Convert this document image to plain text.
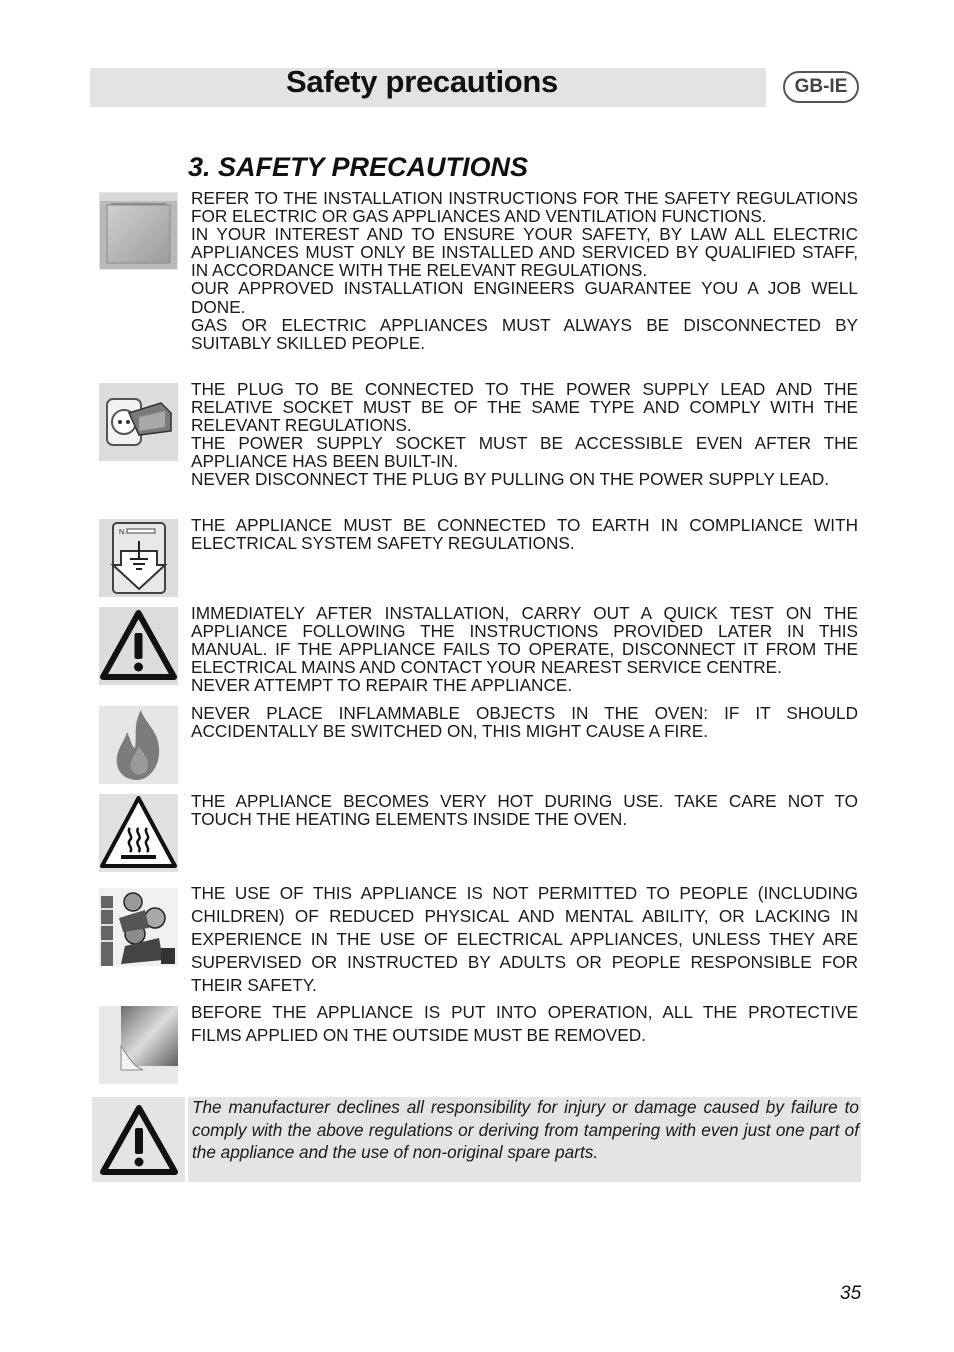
Safety precautions	GB-IE
3. SAFETY PRECAUTIONS

REFER TO THE INSTALLATION INSTRUCTIONS FOR THE SAFETY REGULATIONS FOR ELECTRIC OR GAS APPLIANCES AND VENTILATION FUNCTIONS.

IN YOUR INTEREST AND TO ENSURE YOUR SAFETY, BY LAW ALL ELECTRIC APPLIANCES MUST ONLY BE INSTALLED AND SERVICED BY QUALIFIED STAFF, IN ACCORDANCE WITH THE RELEVANT REGULATIONS.

OUR APPROVED INSTALLATION ENGINEERS GUARANTEE YOU A JOB WELL DONE.

GAS OR ELECTRIC APPLIANCES MUST ALWAYS BE DISCONNECTED BY SUITABLY SKILLED PEOPLE.

THE PLUG TO BE CONNECTED TO THE POWER SUPPLY LEAD AND THE RELATIVE SOCKET MUST BE OF THE SAME TYPE AND COMPLY WITH THE RELEVANT REGULATIONS.

THE POWER SUPPLY SOCKET MUST BE ACCESSIBLE EVEN AFTER THE APPLIANCE HAS BEEN BUILT-IN.

NEVER DISCONNECT THE PLUG BY PULLING ON THE POWER SUPPLY LEAD.

N.	THE APPLIANCE MUST BE CONNECTED TO EARTH IN COMPLIANCE WITH ELECTRICAL SYSTEM SAFETY REGULATIONS.

IMMEDIATELY AFTER INSTALLATION, CARRY OUT A QUICK TEST ON THE APPLIANCE FOLLOWING THE INSTRUCTIONS PROVIDED LATER IN THIS MANUAL. IF THE APPLIANCE FAILS TO OPERATE, DISCONNECT IT FROM THE ELECTRICAL MAINS AND CONTACT YOUR NEAREST SERVICE CENTRE.

NEVER ATTEMPT TO REPAIR THE APPLIANCE.

NEVER PLACE INFLAMMABLE OBJECTS IN THE OVEN: IF IT SHOULD ACCIDENTALLY BE SWITCHED ON, THIS MIGHT CAUSE A FIRE.

THE APPLIANCE BECOMES VERY HOT DURING USE. TAKE CARE NOT TO TOUCH THE HEATING ELEMENTS INSIDE THE OVEN.

THE USE OF THIS APPLIANCE IS NOT PERMITTED TO PEOPLE (INCLUDING CHILDREN) OF REDUCED PHYSICAL AND MENTAL ABILITY, OR LACKING IN EXPERIENCE IN THE USE OF ELECTRICAL APPLIANCES, UNLESS THEY ARE SUPERVISED OR INSTRUCTED BY ADULTS OR PEOPLE RESPONSIBLE FOR THEIR SAFETY.

BEFORE THE APPLIANCE IS PUT INTO OPERATION, ALL THE PROTECTIVE FILMS APPLIED ON THE OUTSIDE MUST BE REMOVED.

The manufacturer declines all responsibility for injury or damage caused by failure to comply with the above regulations or deriving from tampering with even just one part of the appliance and the use of non-original spare parts.

35
